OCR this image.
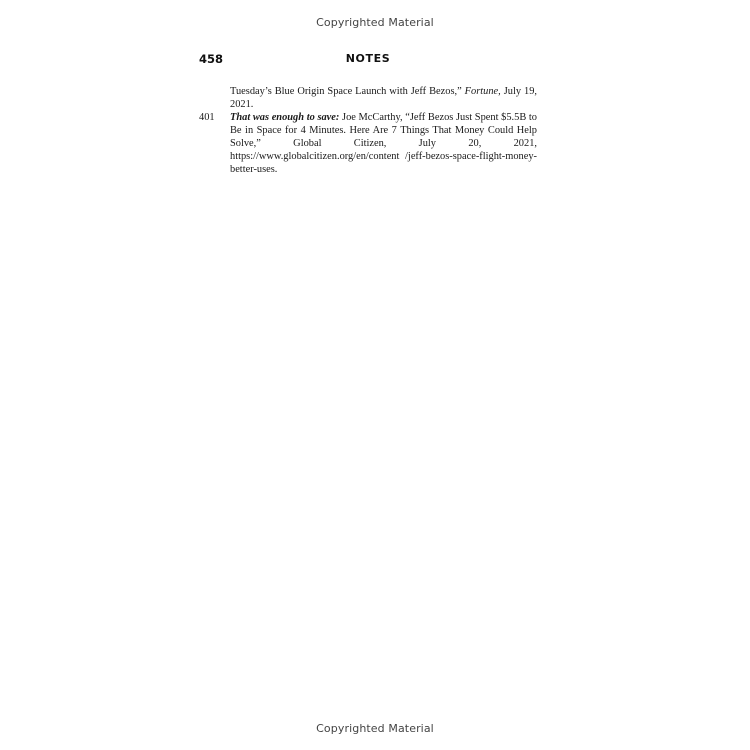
Copyrighted Material
458	NOTES
Tuesday’s Blue Origin Space Launch with Jeff Bezos,” Fortune, July 19, 2021.
401 That was enough to save: Joe McCarthy, “Jeff Bezos Just Spent $5.5B to Be in Space for 4 Minutes. Here Are 7 Things That Money Could Help Solve,” Global Citizen, July 20, 2021, https://www.globalcitizen.org/en/content /jeff-bezos-space-flight-money-better-uses.
Copyrighted Material
